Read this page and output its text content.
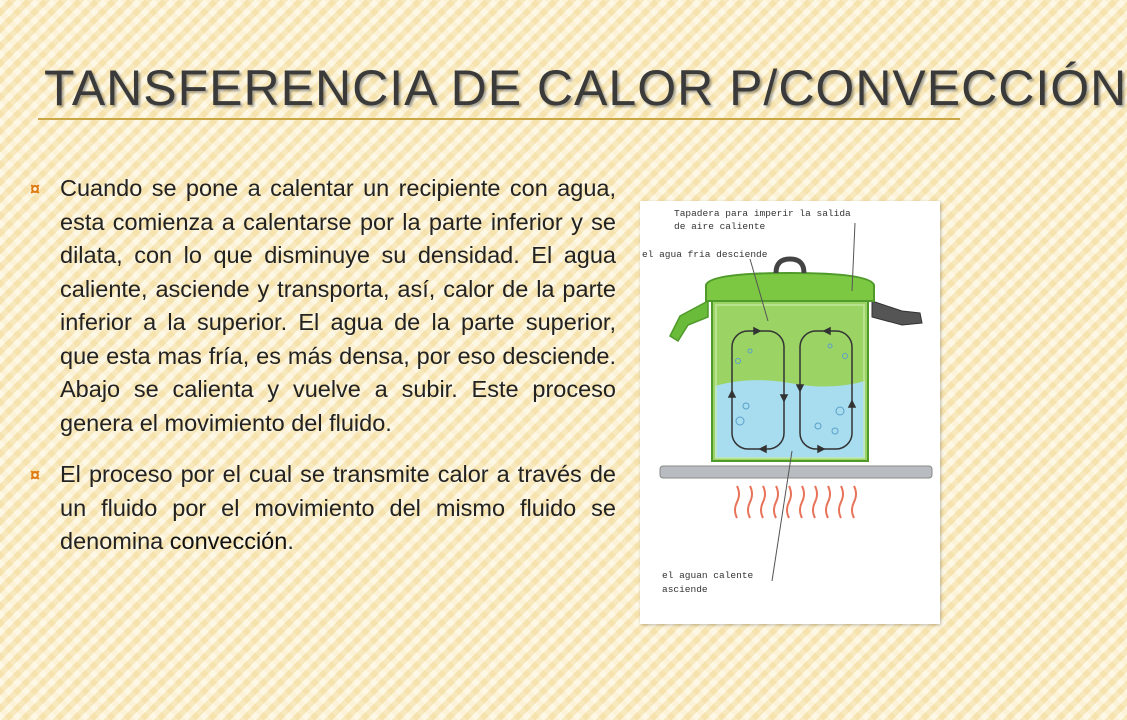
TANSFERENCIA DE CALOR P/CONVECCIÓN
¤ Cuando se pone a calentar un recipiente con agua, esta comienza a calentarse por la parte inferior y se dilata, con lo que disminuye su densidad. El agua caliente, asciende y transporta, así, calor de la parte inferior a la superior. El agua de la parte superior, que esta mas fría, es más densa, por eso desciende. Abajo se calienta y vuelve a subir. Este proceso genera el movimiento del fluido.
¤ El proceso por el cual se transmite calor a través de un fluido por el movimiento del mismo fluido se denomina convección.
Tapadera para imperir la salida
de aire caliente
el agua fria desciende
el aguan calente
asciende
